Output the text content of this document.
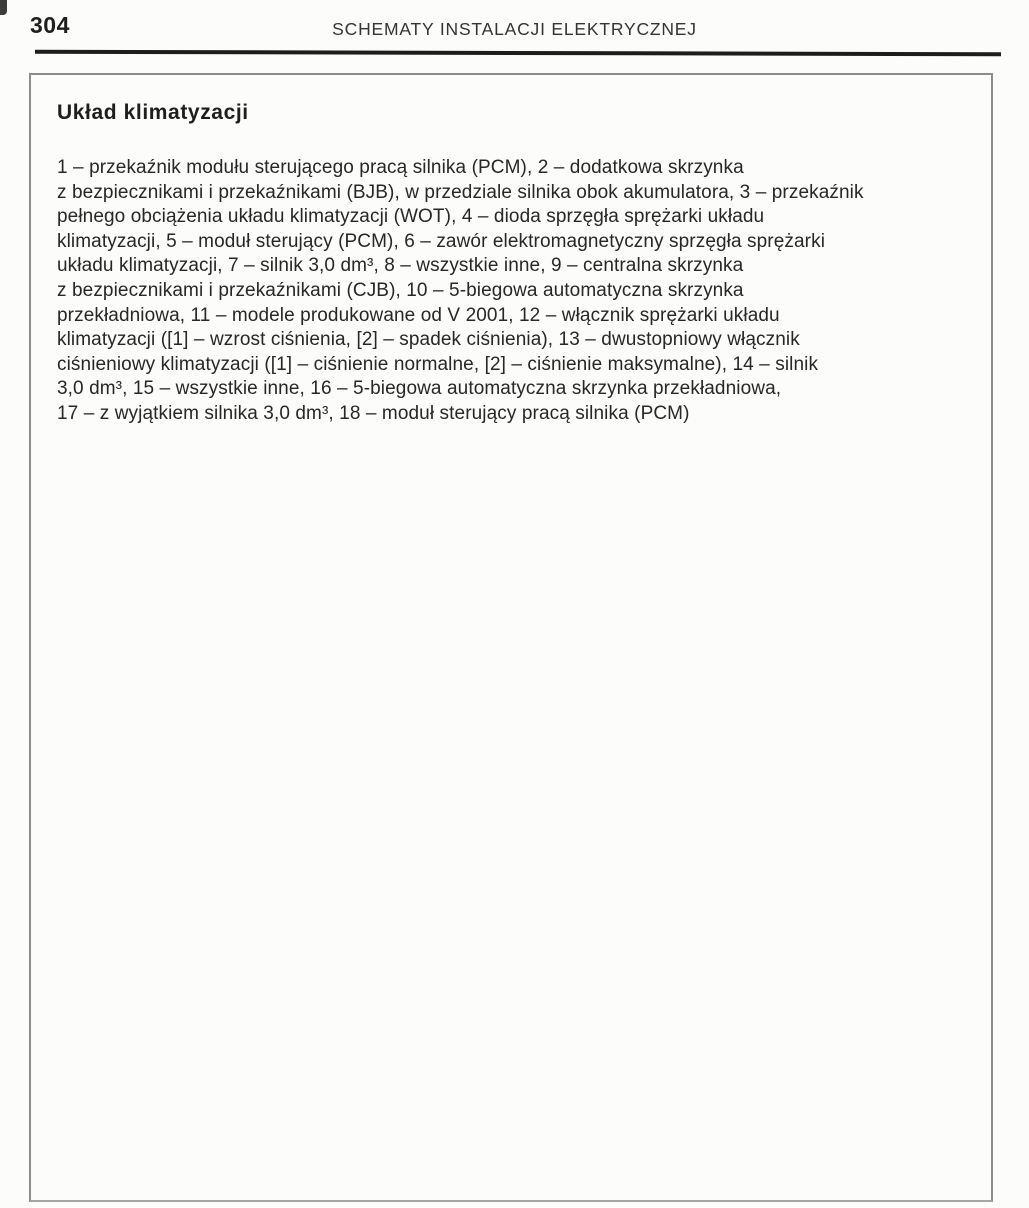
304	SCHEMATY INSTALACJI ELEKTRYCZNEJ
Układ klimatyzacji

1 – przekaźnik modułu sterującego pracą silnika (PCM), 2 – dodatkowa skrzynka
z bezpiecznikami i przekaźnikami (BJB), w przedziale silnika obok akumulatora, 3 – przekaźnik
pełnego obciążenia układu klimatyzacji (WOT), 4 – dioda sprzęgła sprężarki układu
klimatyzacji, 5 – moduł sterujący (PCM), 6 – zawór elektromagnetyczny sprzęgła sprężarki
układu klimatyzacji, 7 – silnik 3,0 dm³, 8 – wszystkie inne, 9 – centralna skrzynka
z bezpiecznikami i przekaźnikami (CJB), 10 – 5-biegowa automatyczna skrzynka
przekładniowa, 11 – modele produkowane od V 2001, 12 – włącznik sprężarki układu
klimatyzacji ([1] – wzrost ciśnienia, [2] – spadek ciśnienia), 13 – dwustopniowy włącznik
ciśnieniowy klimatyzacji ([1] – ciśnienie normalne, [2] – ciśnienie maksymalne), 14 – silnik
3,0 dm³, 15 – wszystkie inne, 16 – 5-biegowa automatyczna skrzynka przekładniowa,
17 – z wyjątkiem silnika 3,0 dm³, 18 – moduł sterujący pracą silnika (PCM)
